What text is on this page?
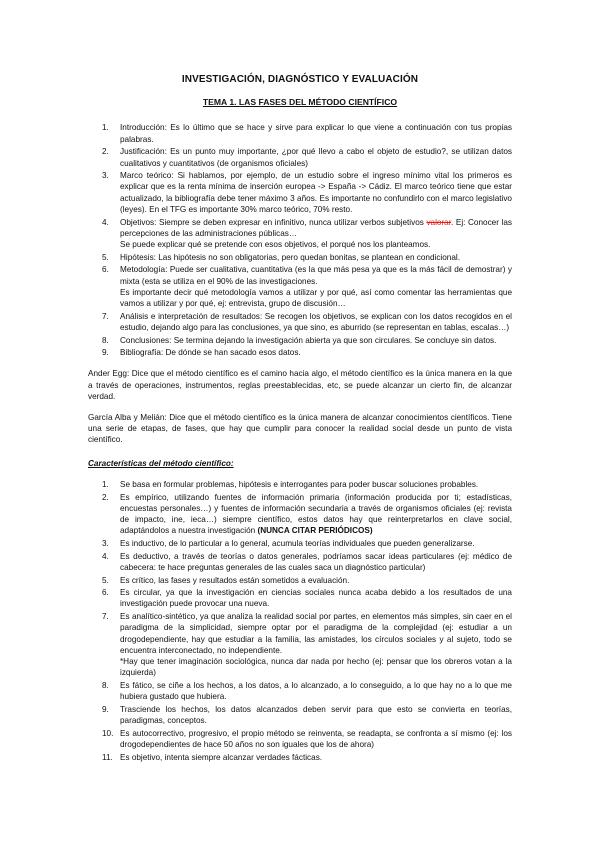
INVESTIGACIÓN, DIAGNÓSTICO Y EVALUACIÓN
TEMA 1. LAS FASES DEL MÉTODO CIENTÍFICO
1. Introducción: Es lo último que se hace y sirve para explicar lo que viene a continuación con tus propias palabras.
2. Justificación: Es un punto muy importante, ¿por qué llevo a cabo el objeto de estudio?, se utilizan datos cualitativos y cuantitativos (de organismos oficiales)
3. Marco teórico: Si hablamos, por ejemplo, de un estudio sobre el ingreso mínimo vital los primeros es explicar que es la renta mínima de inserción europea -> España -> Cádiz. El marco teórico tiene que estar actualizado, la bibliografía debe tener máximo 3 años. Es importante no confundirlo con el marco legislativo (leyes). En el TFG es importante 30% marco teórico, 70% resto.
4. Objetivos: Siempre se deben expresar en infinitivo, nunca utilizar verbos subjetivos valorar. Ej: Conocer las percepciones de las administraciones públicas…
Se puede explicar qué se pretende con esos objetivos, el porqué nos los planteamos.
5. Hipótesis: Las hipótesis no son obligatorias, pero quedan bonitas, se plantean en condicional.
6. Metodología: Puede ser cualitativa, cuantitativa (es la que más pesa ya que es la más fácil de demostrar) y mixta (esta se utiliza en el 90% de las investigaciones.
Es importante decir qué metodología vamos a utilizar y por qué, así como comentar las herramientas que vamos a utilizar y por qué, ej: entrevista, grupo de discusión…
7. Análisis e interpretación de resultados: Se recogen los objetivos, se explican con los datos recogidos en el estudio, dejando algo para las conclusiones, ya que sino, es aburrido (se representan en tablas, escalas…)
8. Conclusiones: Se termina dejando la investigación abierta ya que son circulares. Se concluye sin datos.
9. Bibliografía: De dónde se han sacado esos datos.

Ander Egg: Dice que el método científico es el camino hacia algo, el método científico es la única manera en la que a través de operaciones, instrumentos, reglas preestablecidas, etc, se puede alcanzar un cierto fin, de alcanzar verdad.

García Alba y Melián: Dice que el método científico es la única manera de alcanzar conocimientos científicos. Tiene una serie de etapas, de fases, que hay que cumplir para conocer la realidad social desde un punto de vista científico.

Características del método científico:
1. Se basa en formular problemas, hipótesis e interrogantes para poder buscar soluciones probables.
2. Es empírico, utilizando fuentes de información primaria (información producida por ti; estadísticas, encuestas personales…) y fuentes de información secundaria a través de organismos oficiales (ej: revista de impacto, ine, ieca…) siempre científico, estos datos hay que reinterpretarlos en clave social, adaptándolos a nuestra investigación (NUNCA CITAR PERIÓDICOS)
3. Es inductivo, de lo particular a lo general, acumula teorías individuales que pueden generalizarse.
4. Es deductivo, a través de teorías o datos generales, podríamos sacar ideas particulares (ej: médico de cabecera: te hace preguntas generales de las cuales saca un diagnóstico particular)
5. Es crítico, las fases y resultados están sometidos a evaluación.
6. Es circular, ya que la investigación en ciencias sociales nunca acaba debido a los resultados de una investigación puede provocar una nueva.
7. Es analítico-sintético, ya que analiza la realidad social por partes, en elementos más simples, sin caer en el paradigma de la simplicidad, siempre optar por el paradigma de la complejidad (ej: estudiar a un drogodependiente, hay que estudiar a la familia, las amistades, los círculos sociales y al sujeto, todo se encuentra interconectado, no independiente.
*Hay que tener imaginación sociológica, nunca dar nada por hecho (ej: pensar que los obreros votan a la izquierda)
8. Es fático, se ciñe a los hechos, a los datos, a lo alcanzado, a lo conseguido, a lo que hay no a lo que me hubiera gustado que hubiera.
9. Trasciende los hechos, los datos alcanzados deben servir para que esto se convierta en teorías, paradigmas, conceptos.
10. Es autocorrectivo, progresivo, el propio método se reinventa, se readapta, se confronta a sí mismo (ej: los drogodependientes de hace 50 años no son iguales que los de ahora)
11. Es objetivo, intenta siempre alcanzar verdades fácticas.
